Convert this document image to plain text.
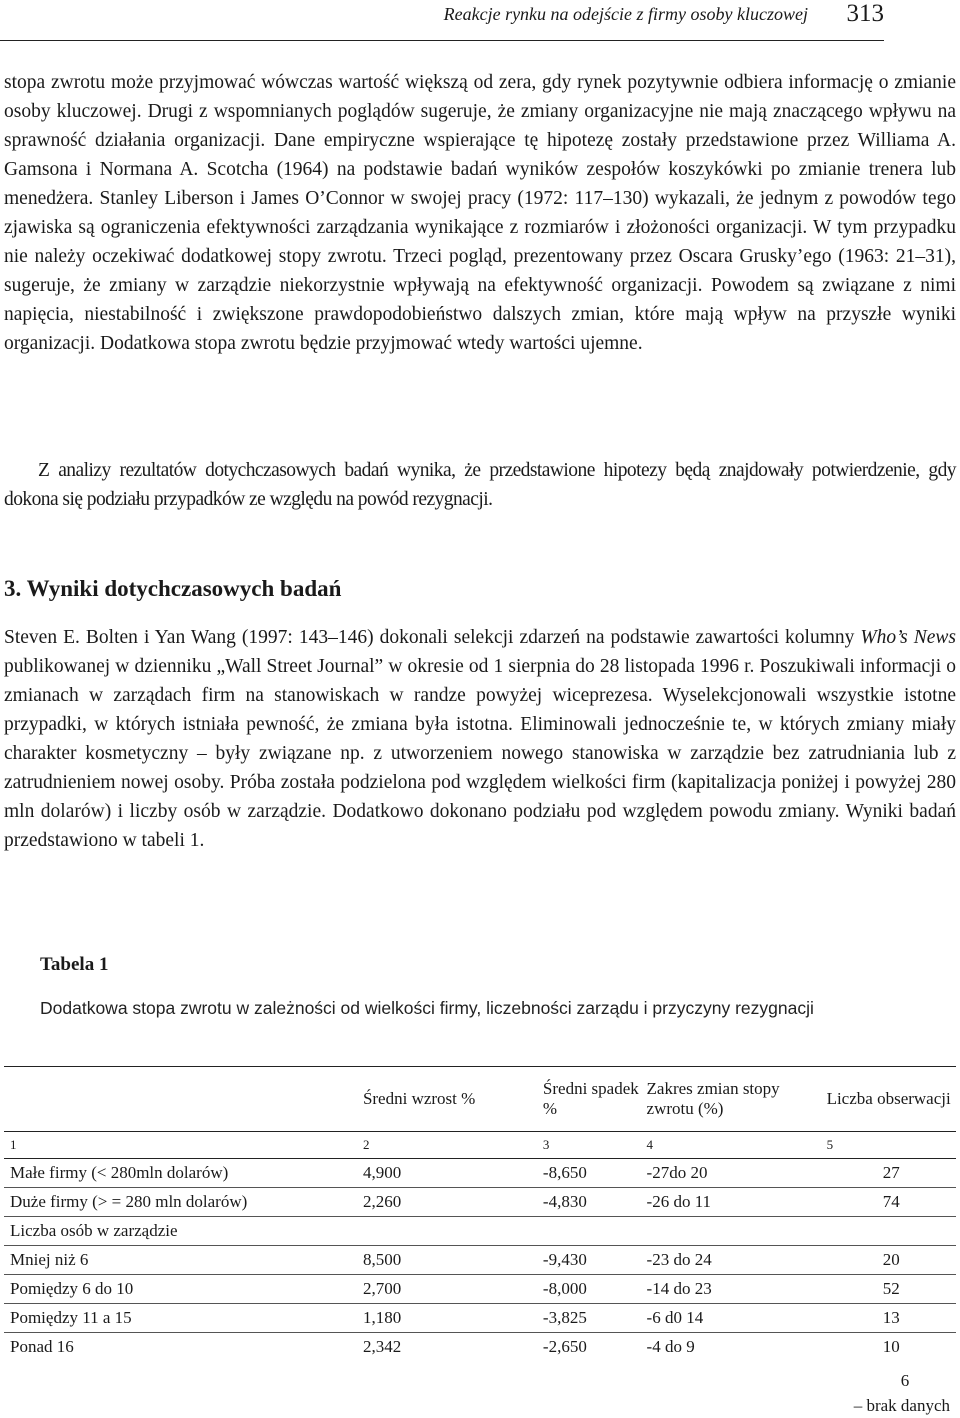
Reakcje rynku na odejście z firmy osoby kluczowej 313

stopa zwrotu może przyjmować wówczas wartość większą od zera, gdy rynek pozytywnie odbiera informację o zmianie osoby kluczowej. Drugi z wspomnianych poglądów sugeruje, że zmiany organizacyjne nie mają znaczącego wpływu na sprawność działania organizacji. Dane empiryczne wspierające tę hipotezę zostały przedstawione przez Williama A. Gamsona i Normana A. Scotcha (1964) na podstawie badań wyników zespołów koszykówki po zmianie trenera lub menedżera. Stanley Liberson i James O’Connor w swojej pracy (1972: 117–130) wykazali, że jednym z powodów tego zjawiska są ograniczenia efektywności zarządzania wynikające z rozmiarów i złożoności organizacji. W tym przypadku nie należy oczekiwać dodatkowej stopy zwrotu. Trzeci pogląd, prezentowany przez Oscara Grusky’ego (1963: 21–31), sugeruje, że zmiany w zarządzie niekorzystnie wpływają na efektywność organizacji. Powodem są związane z nimi napięcia, niestabilność i zwiększone prawdopodobieństwo dalszych zmian, które mają wpływ na przyszłe wyniki organizacji. Dodatkowa stopa zwrotu będzie przyjmować wtedy wartości ujemne.

Z analizy rezultatów dotychczasowych badań wynika, że przedstawione hipotezy będą znajdowały potwierdzenie, gdy dokona się podziału przypadków ze względu na powód rezygnacji.

3. Wyniki dotychczasowych badań

Steven E. Bolten i Yan Wang (1997: 143–146) dokonali selekcji zdarzeń na podstawie zawartości kolumny Who’s News publikowanej w dzienniku „Wall Street Journal” w okresie od 1 sierpnia do 28 listopada 1996 r. Poszukiwali informacji o zmianach w zarządach firm na stanowiskach w randze powyżej wiceprezesa. Wyselekcjonowali wszystkie istotne przypadki, w których istniała pewność, że zmiana była istotna. Eliminowali jednocześnie te, w których zmiany miały charakter kosmetyczny – były związane np. z utworzeniem nowego stanowiska w zarządzie bez zatrudniania lub z zatrudnieniem nowej osoby. Próba została podzielona pod względem wielkości firm (kapitalizacja poniżej i powyżej 280 mln dolarów) i liczby osób w zarządzie. Dodatkowo dokonano podziału pod względem powodu zmiany. Wyniki badań przedstawiono w tabeli 1.

Tabela 1
Dodatkowa stopa zwrotu w zależności od wielkości firmy, liczebności zarządu i przyczyny rezygnacji
	Średni wzrost %	Średni spadek %	Zakres zmian stopy zwrotu (%)	Liczba obserwacji
1	2	3	4	5
Małe firmy (< 280mln dolarów)	4,900	-8,650	-27do 20	27
Duże firmy (> = 280 mln dolarów)	2,260	-4,830	-26 do 11	74
Liczba osób w zarządzie				
Mniej niż 6	8,500	-9,430	-23 do 24	20
Pomiędzy 6 do 10	2,700	-8,000	-14 do 23	52
Pomiędzy 11 a 15	1,180	-3,825	-6 d0 14	13
Ponad 16	2,342	-2,650	-4 do 9	10
6
– brak danych
